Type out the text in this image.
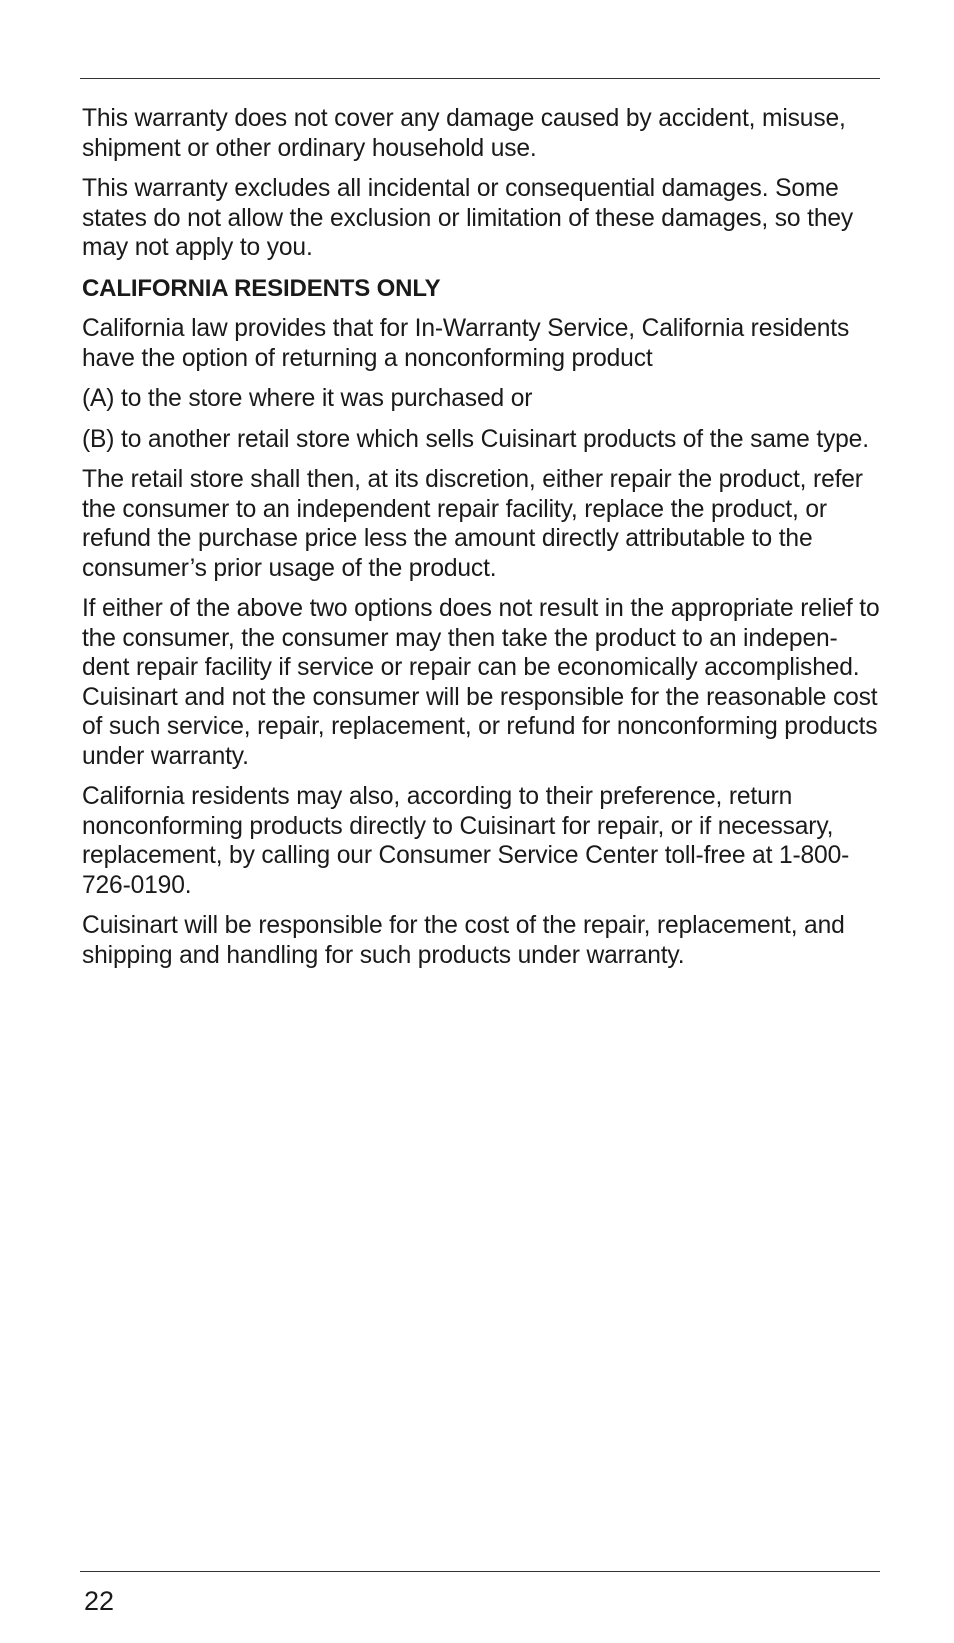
This warranty does not cover any damage caused by accident, misuse, shipment or other ordinary household use.

This warranty excludes all incidental or consequential damages. Some states do not allow the exclusion or limitation of these damages, so they may not apply to you.

CALIFORNIA RESIDENTS ONLY

California law provides that for In-Warranty Service, California residents have the option of returning a nonconforming product

(A) to the store where it was purchased or

(B) to another retail store which sells Cuisinart products of the same type.

The retail store shall then, at its discretion, either repair the product, refer the consumer to an independent repair facility, replace the product, or refund the purchase price less the amount directly attributable to the consumer’s prior usage of the product.

If either of the above two options does not result in the appropriate relief to the consumer, the consumer may then take the product to an indepen-dent repair facility if service or repair can be economically accomplished. Cuisinart and not the consumer will be responsible for the reasonable cost of such service, repair, replacement, or refund for nonconforming products under warranty.

California residents may also, according to their preference, return nonconforming products directly to Cuisinart for repair, or if necessary, replacement, by calling our Consumer Service Center toll-free at 1-800-726-0190.

Cuisinart will be responsible for the cost of the repair, replacement, and shipping and handling for such products under warranty.

22
